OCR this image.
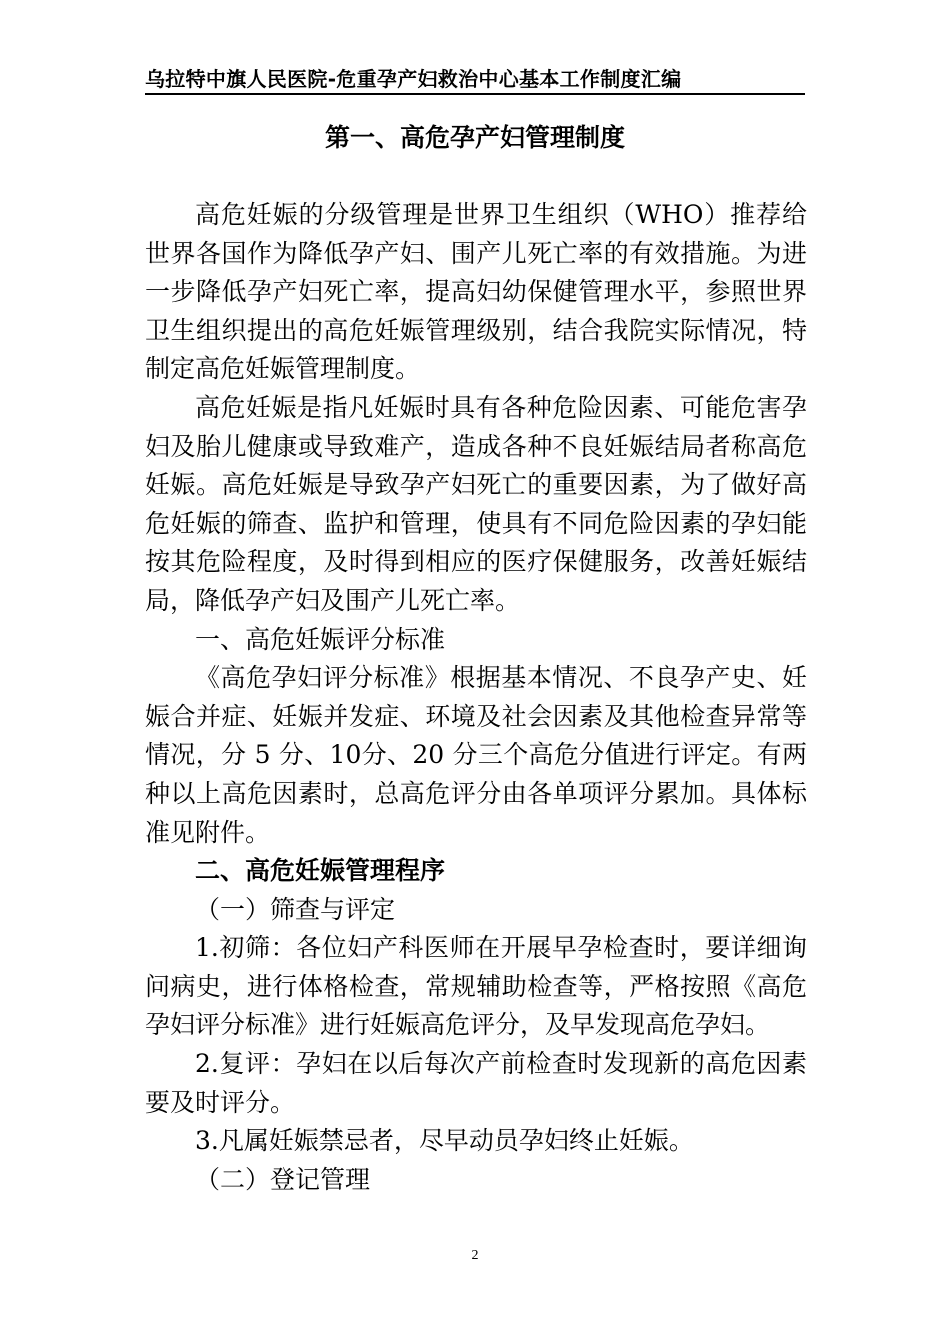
乌拉特中旗人民医院-危重孕产妇救治中心基本工作制度汇编
第一、高危孕产妇管理制度

高危妊娠的分级管理是世界卫生组织（WHO）推荐给世界各国作为降低孕产妇、围产儿死亡率的有效措施。为进一步降低孕产妇死亡率，提高妇幼保健管理水平，参照世界卫生组织提出的高危妊娠管理级别，结合我院实际情况，特制定高危妊娠管理制度。

高危妊娠是指凡妊娠时具有各种危险因素、可能危害孕妇及胎儿健康或导致难产，造成各种不良妊娠结局者称高危妊娠。高危妊娠是导致孕产妇死亡的重要因素，为了做好高危妊娠的筛查、监护和管理，使具有不同危险因素的孕妇能按其危险程度，及时得到相应的医疗保健服务，改善妊娠结局，降低孕产妇及围产儿死亡率。

一、高危妊娠评分标准

《高危孕妇评分标准》根据基本情况、不良孕产史、妊娠合并症、妊娠并发症、环境及社会因素及其他检查异常等情况，分 5 分、10分、20 分三个高危分值进行评定。有两种以上高危因素时，总高危评分由各单项评分累加。具体标准见附件。

二、高危妊娠管理程序

（一）筛查与评定

1.初筛：各位妇产科医师在开展早孕检查时，要详细询问病史，进行体格检查，常规辅助检查等，严格按照《高危孕妇评分标准》进行妊娠高危评分，及早发现高危孕妇。

2.复评：孕妇在以后每次产前检查时发现新的高危因素要及时评分。

3.凡属妊娠禁忌者，尽早动员孕妇终止妊娠。

（二）登记管理

2
